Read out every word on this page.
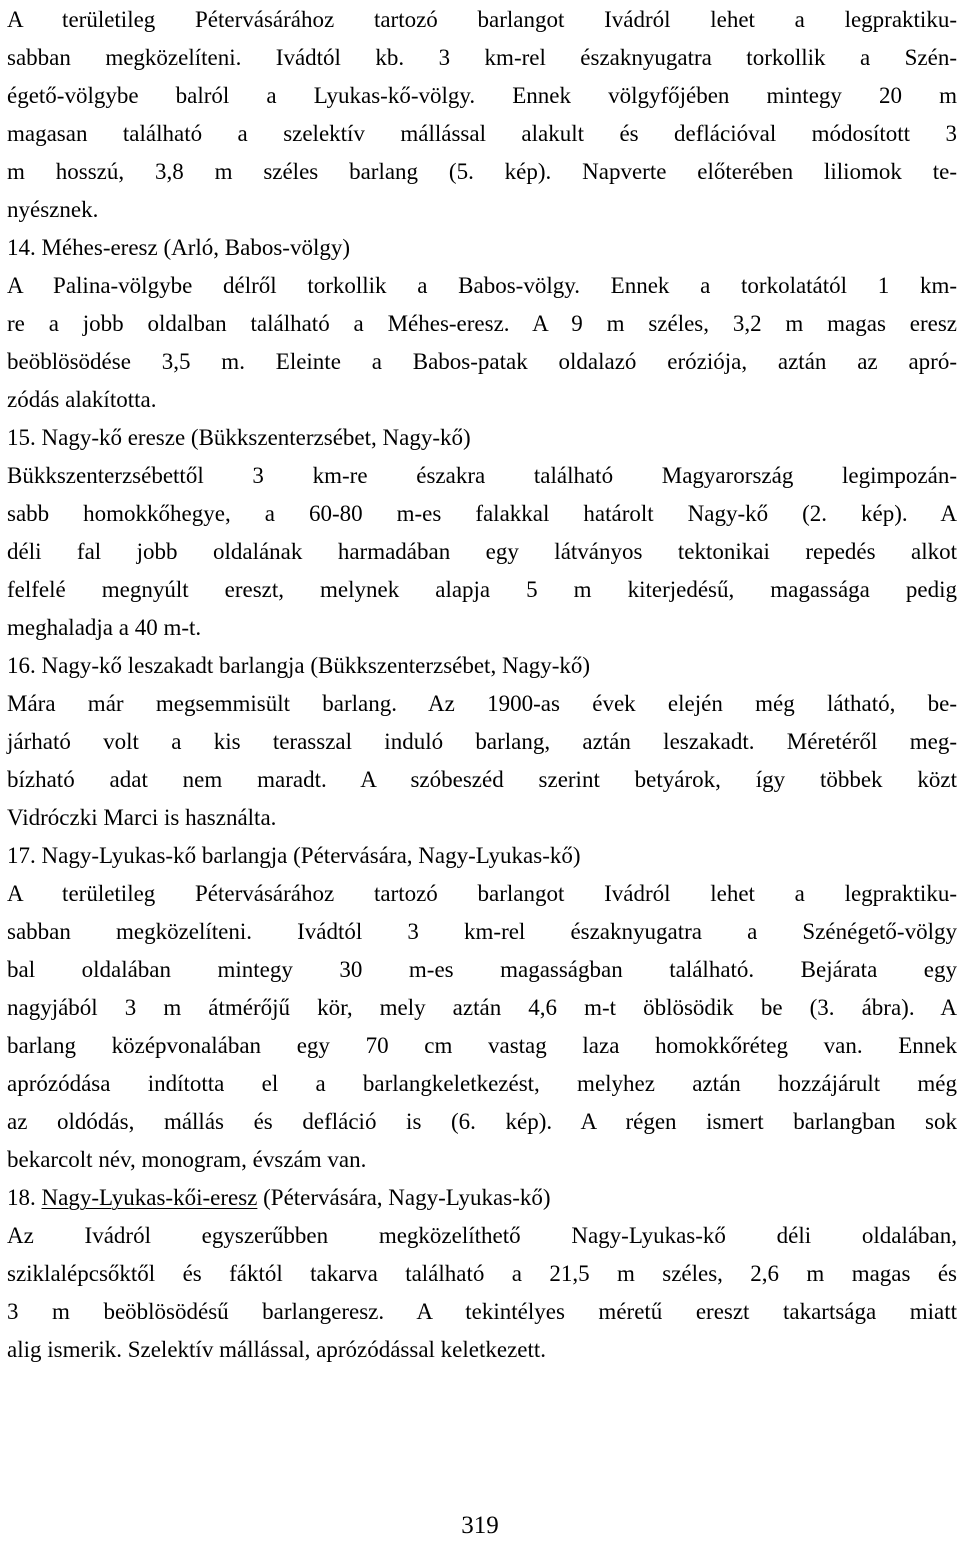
A területileg Pétervásárához tartozó barlangot Ivádról lehet a legpraktiku-
sabban megközelíteni. Ivádtól kb. 3 km-rel északnyugatra torkollik a Szén-
égető-völgybe balról a Lyukas-kő-völgy. Ennek völgyfőjében mintegy 20 m
magasan található a szelektív mállással alakult és deflációval módosított 3
m hosszú, 3,8 m széles barlang (5. kép). Napverte előterében liliomok te-
nyésznek.
14. Méhes-eresz (Arló, Babos-völgy)
A Palina-völgybe délről torkollik a Babos-völgy. Ennek a torkolatától 1 km-
re a jobb oldalban található a Méhes-eresz. A 9 m széles, 3,2 m magas eresz
beöblösödése 3,5 m. Eleinte a Babos-patak oldalazó eróziója, aztán az apró-
zódás alakította.
15. Nagy-kő eresze (Bükkszenterzsébet, Nagy-kő)
Bükkszenterzsébettől 3 km-re északra található Magyarország legimpozán-
sabb homokkőhegye, a 60-80 m-es falakkal határolt Nagy-kő (2. kép). A
déli fal jobb oldalának harmadában egy látványos tektonikai repedés alkot
felfelé megnyúlt ereszt, melynek alapja 5 m kiterjedésű, magassága pedig
meghaladja a 40 m-t.
16. Nagy-kő leszakadt barlangja (Bükkszenterzsébet, Nagy-kő)
Mára már megsemmisült barlang. Az 1900-as évek elején még látható, be-
járható volt a kis terasszal induló barlang, aztán leszakadt. Méretéről meg-
bízható adat nem maradt. A szóbeszéd szerint betyárok, így többek közt
Vidróczki Marci is használta.
17. Nagy-Lyukas-kő barlangja (Pétervására, Nagy-Lyukas-kő)
A területileg Pétervásárához tartozó barlangot Ivádról lehet a legpraktiku-
sabban megközelíteni. Ivádtól 3 km-rel északnyugatra a Szénégető-völgy
bal oldalában mintegy 30 m-es magasságban található. Bejárata egy
nagyjából 3 m átmérőjű kör, mely aztán 4,6 m-t öblösödik be (3. ábra). A
barlang középvonalában egy 70 cm vastag laza homokkőréteg van. Ennek
aprózódása indította el a barlangkeletkezést, melyhez aztán hozzájárult még
az oldódás, mállás és defláció is (6. kép). A régen ismert barlangban sok
bekarcolt név, monogram, évszám van.
18. Nagy-Lyukas-kői-eresz (Pétervására, Nagy-Lyukas-kő)
Az Ivádról egyszerűbben megközelíthető Nagy-Lyukas-kő déli oldalában,
sziklalépcsőktől és fáktól takarva található a 21,5 m széles, 2,6 m magas és
3 m beöblösödésű barlangeresz. A tekintélyes méretű ereszt takartsága miatt
alig ismerik. Szelektív mállással, aprózódással keletkezett.
319
